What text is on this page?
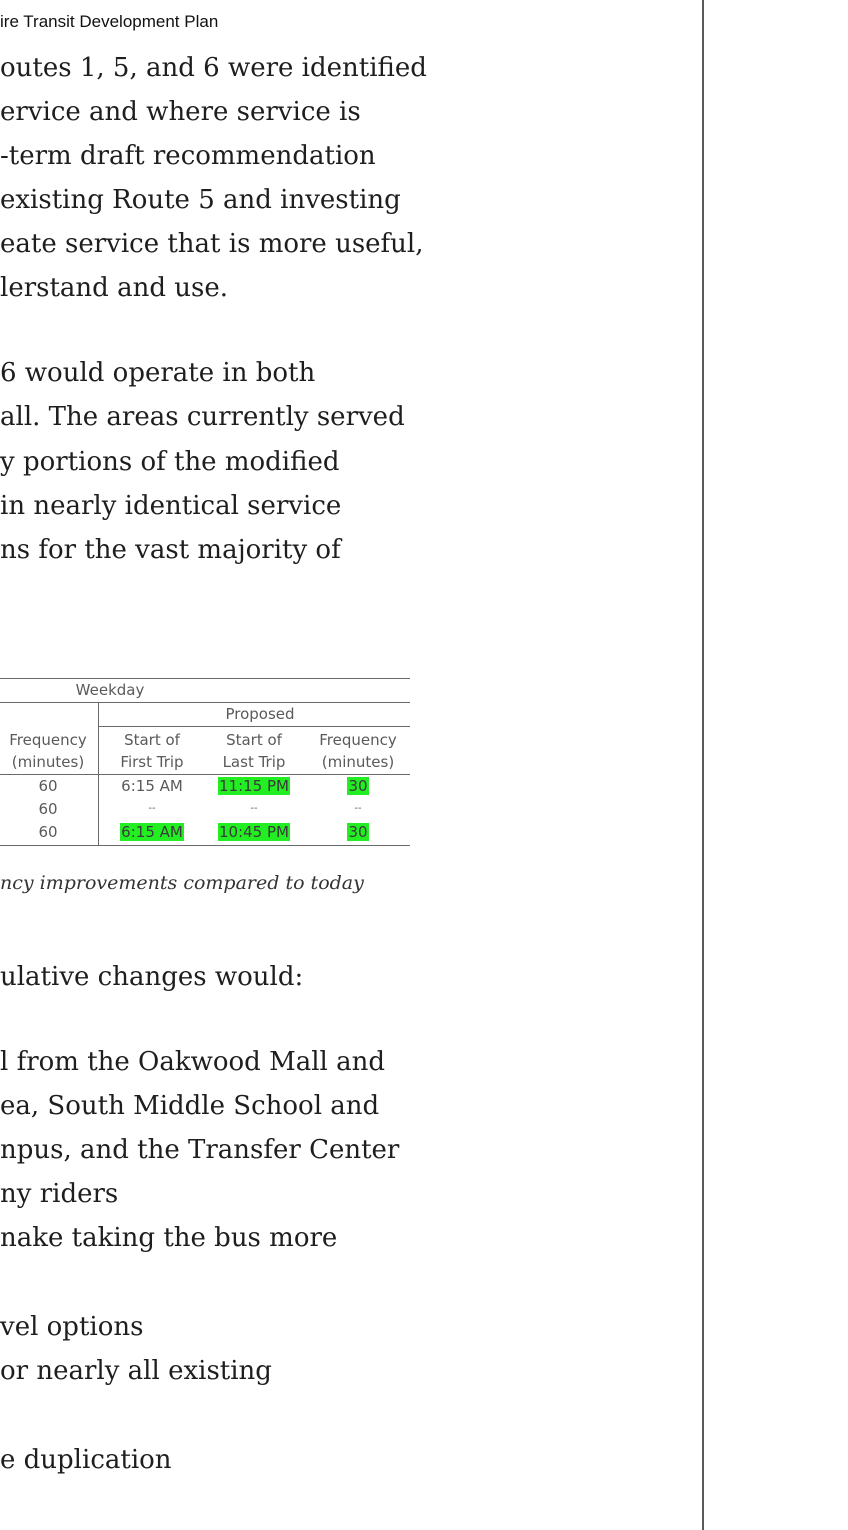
ire Transit Development Plan
outes 1, 5, and 6 were identified
ervice and where service is
-term draft recommendation
existing Route 5 and investing
eate service that is more useful,
lerstand and use.
6 would operate in both
all. The areas currently served
y portions of the modified
in nearly identical service
ns for the vast majority of
Weekday
Proposed
Frequency
(minutes)
Start of
First Trip
Start of
Last Trip
Frequency
(minutes)
60	6:15 AM	11:15 PM	30
60	--	--	--
60	6:15 AM	10:45 PM	30
ncy improvements compared to today
ulative changes would:
l from the Oakwood Mall and
ea, South Middle School and
npus, and the Transfer Center
ny riders
nake taking the bus more
vel options
or nearly all existing
e duplication
